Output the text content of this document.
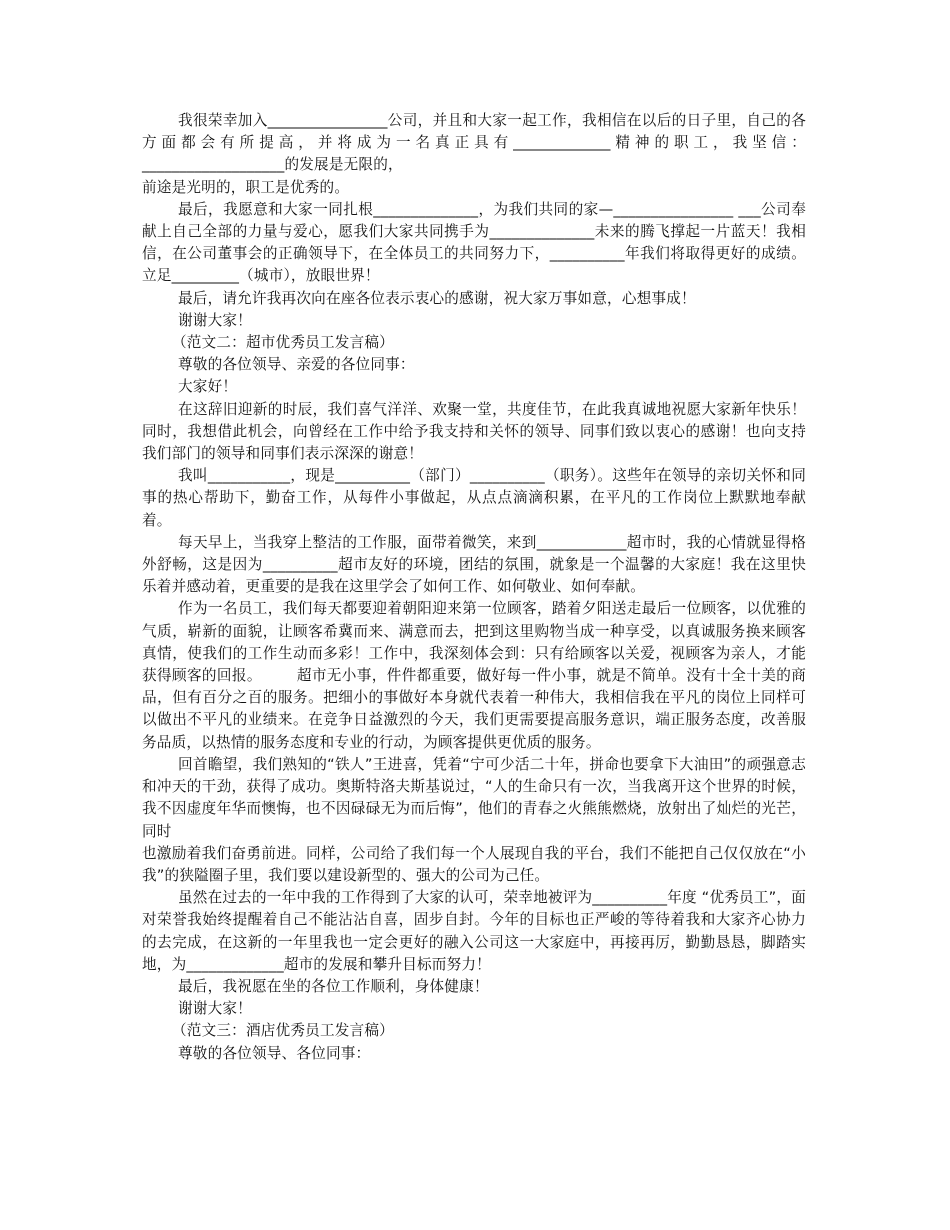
我很荣幸加入________________公司，并且和大家一起工作，我相信在以后的日子里，自己的各方面都会有所提高，并将成为一名真正具有_____________精神的职工，我坚信：___________________的发展是无限的，

前途是光明的，职工是优秀的。

最后，我愿意和大家一同扎根______________，为我们共同的家—________________ ___公司奉献上自己全部的力量与爱心，愿我们大家共同携手为______________未来的腾飞撑起一片蓝天！我相信，在公司董事会的正确领导下，在全体员工的共同努力下，__________年我们将取得更好的成绩。立足_________（城市），放眼世界！

最后，请允许我再次向在座各位表示衷心的感谢，祝大家万事如意，心想事成！

谢谢大家！

（范文二：超市优秀员工发言稿）

尊敬的各位领导、亲爱的各位同事：

大家好！

在这辞旧迎新的时辰，我们喜气洋洋、欢聚一堂，共度佳节，在此我真诚地祝愿大家新年快乐！同时，我想借此机会，向曾经在工作中给予我支持和关怀的领导、同事们致以衷心的感谢！也向支持我们部门的领导和同事们表示深深的谢意！

我叫___________，现是__________（部门）__________（职务）。这些年在领导的亲切关怀和同事的热心帮助下，勤奋工作，从每件小事做起，从点点滴滴积累，在平凡的工作岗位上默默地奉献着。

每天早上，当我穿上整洁的工作服，面带着微笑，来到____________超市时，我的心情就显得格外舒畅，这是因为__________超市友好的环境，团结的氛围，就象是一个温馨的大家庭！我在这里快乐着并感动着，更重要的是我在这里学会了如何工作、如何敬业、如何奉献。

作为一名员工，我们每天都要迎着朝阳迎来第一位顾客，踏着夕阳送走最后一位顾客，以优雅的气质，崭新的面貌，让顾客希冀而来、满意而去，把到这里购物当成一种享受，以真诚服务换来顾客真情，使我们的工作生动而多彩！工作中，我深刻体会到：只有给顾客以关爱，视顾客为亲人，才能获得顾客的回报。 　　超市无小事，件件都重要，做好每一件小事，就是不简单。没有十全十美的商品，但有百分之百的服务。把细小的事做好本身就代表着一种伟大，我相信我在平凡的岗位上同样可以做出不平凡的业绩来。在竞争日益激烈的今天，我们更需要提高服务意识，端正服务态度，改善服务品质，以热情的服务态度和专业的行动，为顾客提供更优质的服务。

回首瞻望，我们熟知的“铁人”王进喜，凭着“宁可少活二十年，拼命也要拿下大油田”的顽强意志和冲天的干劲，获得了成功。奥斯特洛夫斯基说过，“人的生命只有一次，当我离开这个世界的时候，我不因虚度年华而懊悔，也不因碌碌无为而后悔”，他们的青春之火熊熊燃烧，放射出了灿烂的光芒，同时

也激励着我们奋勇前进。同样，公司给了我们每一个人展现自我的平台，我们不能把自己仅仅放在“小我”的狭隘圈子里，我们要以建设新型的、强大的公司为己任。

虽然在过去的一年中我的工作得到了大家的认可，荣幸地被评为__________年度 “优秀员工”，面对荣誉我始终提醒着自己不能沾沾自喜，固步自封。今年的目标也正严峻的等待着我和大家齐心协力的去完成，在这新的一年里我也一定会更好的融入公司这一大家庭中，再接再厉，勤勤恳恳，脚踏实地，为_____________超市的发展和攀升目标而努力！

最后，我祝愿在坐的各位工作顺利，身体健康！

谢谢大家！

（范文三：酒店优秀员工发言稿）

尊敬的各位领导、各位同事：
